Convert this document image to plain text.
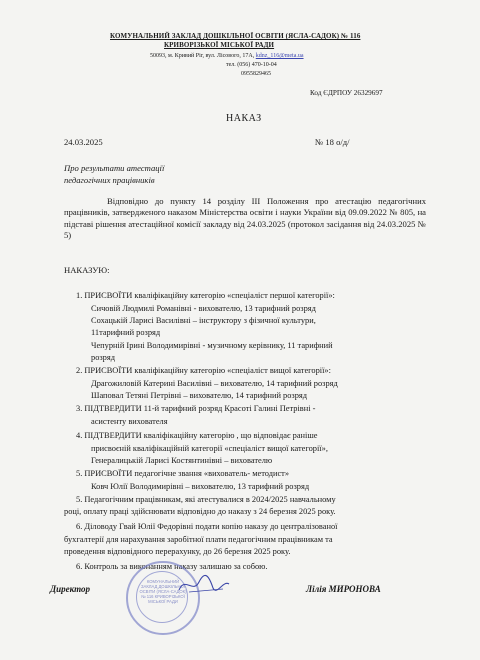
КОМУНАЛЬНИЙ ЗАКЛАД ДОШКІЛЬНОЇ ОСВІТИ (ЯСЛА-САДОК) № 116
КРИВОРІЗЬКОЇ МІСЬКОЇ РАДИ
50093, м. Кривий Ріг, вул. Лісового, 17А, kdnz_116@meta.ua
тел. (056) 470-10-04
0955829465
Код ЄДРПОУ 26329697
НАКАЗ
24.03.2025	№ 18 о/д/
Про результати атестації
педагогічних працівників
Відповідно до пункту 14 розділу ІІІ Положення про атестацію педагогічних працівників, затвердженого наказом Міністерства освіти і науки України від 09.09.2022 № 805, на підставі рішення атестаційної комісії закладу від 24.03.2025 (протокол засідання від 24.03.2025 № 5)
НАКАЗУЮ:
1. ПРИСВОЇТИ кваліфікаційну категорію «спеціаліст першої категорії»:
Сичовій Людмилі Романівні - вихователю, 13 тарифний розряд
Сохацькій Ларисі Василівні – інструктору з фізичної культури,
11тарифний розряд
Чепурній Ірині Володимирівні - музичному керівнику, 11 тарифний
розряд
2. ПРИСВОЇТИ кваліфікаційну категорію «спеціаліст вищої категорії»:
Драгожиловій Катерині Василівні – вихователю, 14 тарифний розряд
Шаповал Тетяні Петрівні – вихователю, 14 тарифний розряд
3. ПІДТВЕРДИТИ 11-й тарифний розряд Красоті Галині Петрівні -
асистенту вихователя
4. ПІДТВЕРДИТИ кваліфікаційну категорію , що відповідає раніше
присвоєній кваліфікаційній категорії «спеціаліст вищої категорії»,
Генералицькій Ларисі Костянтинівні – вихователю
5. ПРИСВОЇТИ педагогічне звання «вихователь- методист»
Ковч Юлії Володимирівні – вихователю, 13 тарифний розряд
5. Педагогічним працівникам, які атестувалися в 2024/2025 навчальному
році, оплату праці здійснювати відповідно до наказу з 24 березня 2025 року.
6. Діловоду Гвай Юлії Федорівні подати копію наказу до централізованої
бухгалтерії для нарахування заробітної плати педагогічним працівникам та
проведення відповідного перерахунку, до 26 березня 2025 року.
6. Контроль за виконанням наказу залишаю за собою.
КОМУНАЛЬНИЙ ЗАКЛАД ДОШКІЛЬНОЇ ОСВІТИ (ЯСЛА-САДОК) № 116 КРИВОРІЗЬКОЇ МІСЬКОЇ РАДИ
Директор	Лілія МИРОНОВА
